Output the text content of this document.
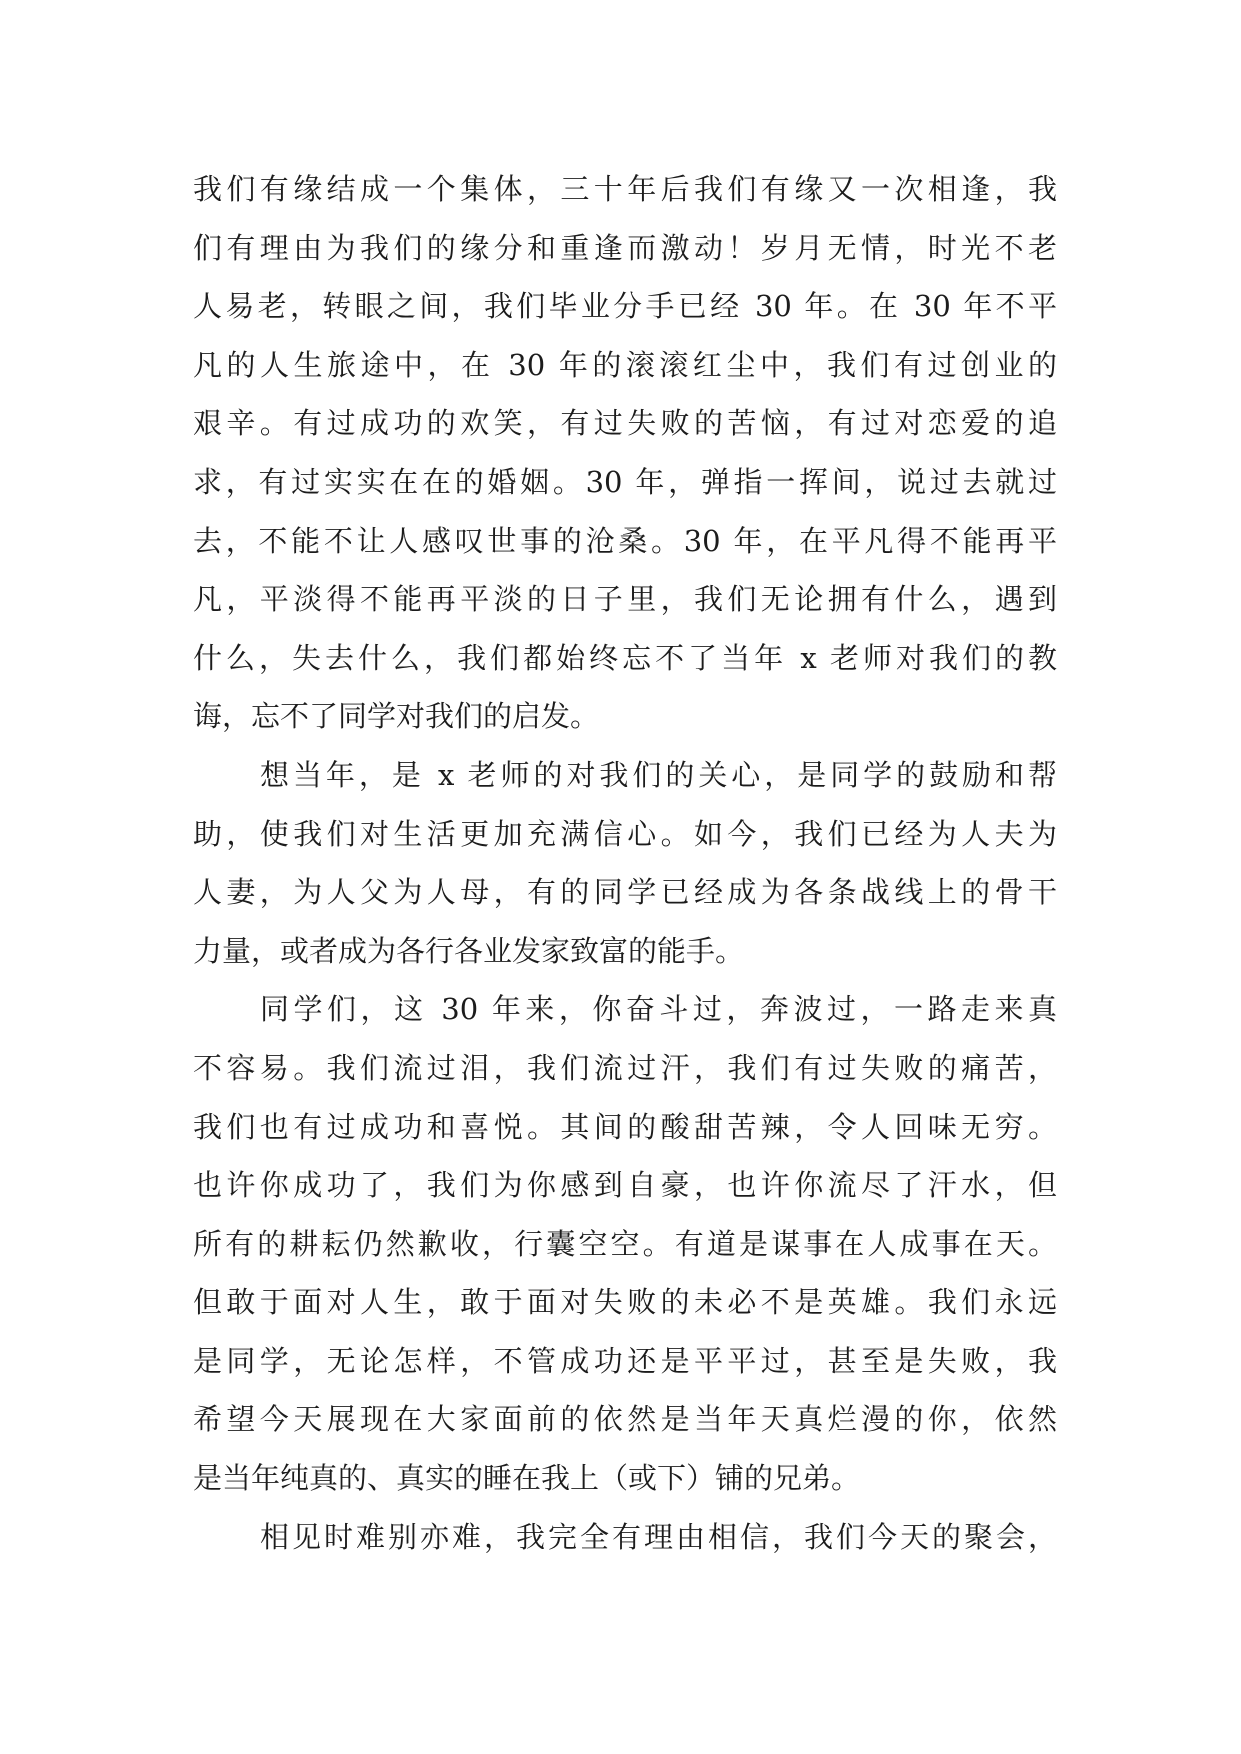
我们有缘结成一个集体，三十年后我们有缘又一次相逢，我
们有理由为我们的缘分和重逢而激动！岁月无情，时光不老
人易老，转眼之间，我们毕业分手已经 30 年。在 30 年不平
凡的人生旅途中，在 30 年的滚滚红尘中，我们有过创业的
艰辛。有过成功的欢笑，有过失败的苦恼，有过对恋爱的追
求，有过实实在在的婚姻。30 年，弹指一挥间，说过去就过
去，不能不让人感叹世事的沧桑。30 年，在平凡得不能再平
凡，平淡得不能再平淡的日子里，我们无论拥有什么，遇到
什么，失去什么，我们都始终忘不了当年 x 老师对我们的教
诲，忘不了同学对我们的启发。
想当年，是 x 老师的对我们的关心，是同学的鼓励和帮
助，使我们对生活更加充满信心。如今，我们已经为人夫为
人妻，为人父为人母，有的同学已经成为各条战线上的骨干
力量，或者成为各行各业发家致富的能手。
同学们，这 30 年来，你奋斗过，奔波过，一路走来真
不容易。我们流过泪，我们流过汗，我们有过失败的痛苦，
我们也有过成功和喜悦。其间的酸甜苦辣，令人回味无穷。
也许你成功了，我们为你感到自豪，也许你流尽了汗水，但
所有的耕耘仍然歉收，行囊空空。有道是谋事在人成事在天。
但敢于面对人生，敢于面对失败的未必不是英雄。我们永远
是同学，无论怎样，不管成功还是平平过，甚至是失败，我
希望今天展现在大家面前的依然是当年天真烂漫的你，依然
是当年纯真的、真实的睡在我上（或下）铺的兄弟。
相见时难别亦难，我完全有理由相信，我们今天的聚会，
